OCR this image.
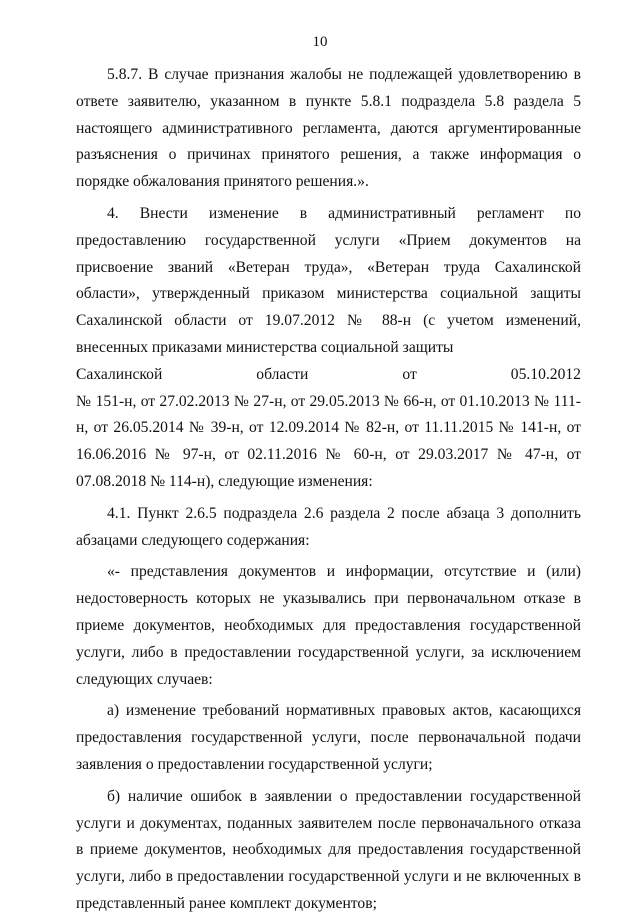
10

5.8.7. В случае признания жалобы не подлежащей удовлетворению в ответе заявителю, указанном в пункте 5.8.1 подраздела 5.8 раздела 5 настоящего административного регламента, даются аргументированные разъяснения о причинах принятого решения, а также информация о порядке обжалования принятого решения.».

4. Внести изменение в административный регламент по предоставлению государственной услуги «Прием документов на присвоение званий «Ветеран труда», «Ветеран труда Сахалинской области», утвержденный приказом министерства социальной защиты Сахалинской области от 19.07.2012 № 88-н (с учетом изменений, внесенных приказами министерства социальной защиты

Сахалинской	области	от	05.10.2012

№ 151-н, от 27.02.2013 № 27-н, от 29.05.2013 № 66-н, от 01.10.2013 № 111-н, от 26.05.2014 № 39-н, от 12.09.2014 № 82-н, от 11.11.2015 № 141-н, от 16.06.2016 № 97-н, от 02.11.2016 № 60-н, от 29.03.2017 № 47-н, от 07.08.2018 № 114-н), следующие изменения:

4.1. Пункт 2.6.5 подраздела 2.6 раздела 2 после абзаца 3 дополнить абзацами следующего содержания:

«- представления документов и информации, отсутствие и (или) недостоверность которых не указывались при первоначальном отказе в приеме документов, необходимых для предоставления государственной услуги, либо в предоставлении государственной услуги, за исключением следующих случаев:

а) изменение требований нормативных правовых актов, касающихся предоставления государственной услуги, после первоначальной подачи заявления о предоставлении государственной услуги;

б) наличие ошибок в заявлении о предоставлении государственной услуги и документах, поданных заявителем после первоначального отказа в приеме документов, необходимых для предоставления государственной услуги, либо в предоставлении государственной услуги и не включенных в представленный ранее комплект документов;
